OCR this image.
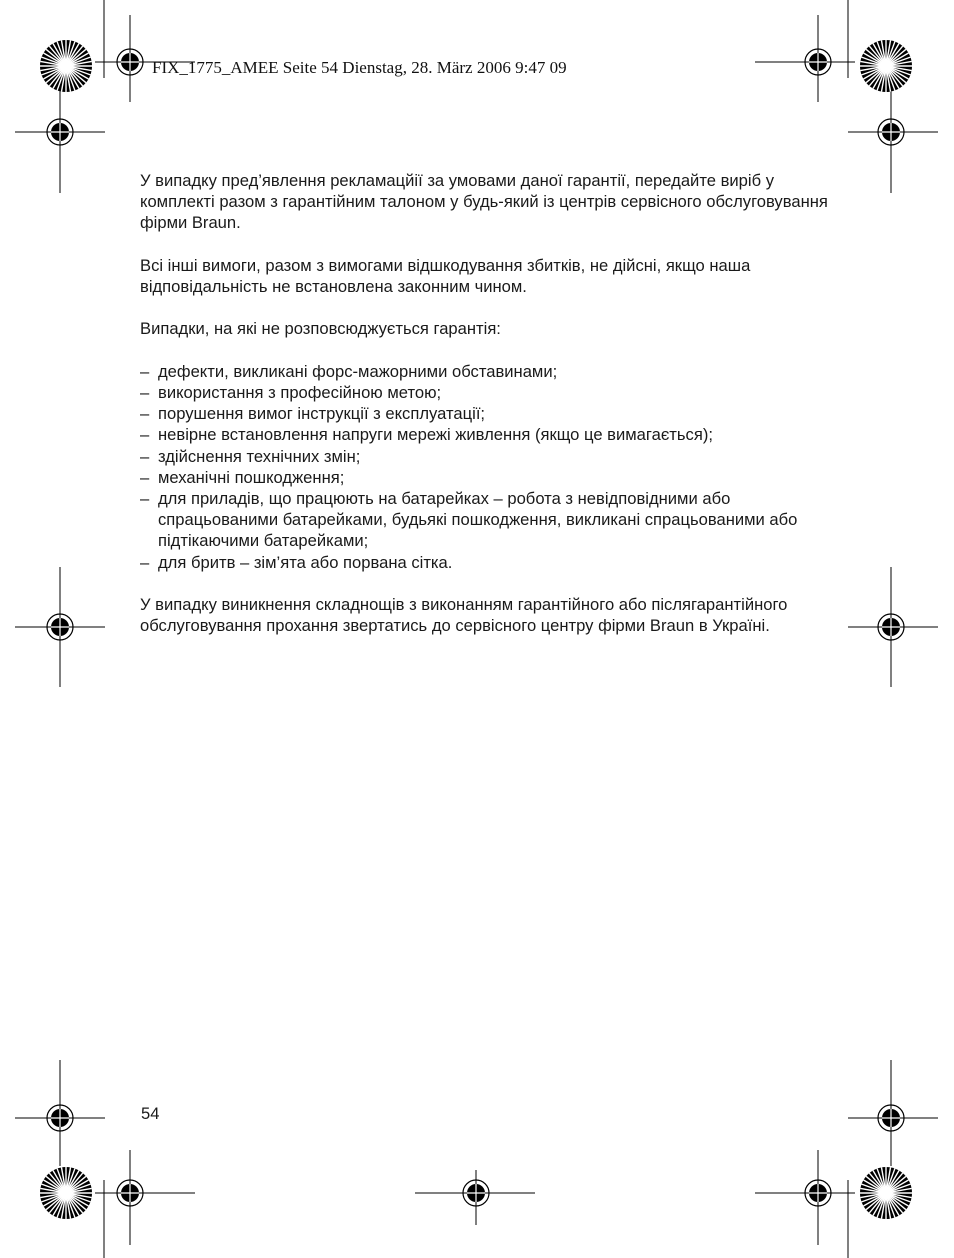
FIX_1775_AMEE Seite 54 Dienstag, 28. März 2006 9:47 09

У випадку пред’явлення рекламацйії за умовами даної гарантії, передайте виріб у комплекті разом з гарантійним талоном у будь-який із центрів сервісного обслуговування фірми Braun.

Всі інші вимоги, разом з вимогами відшкодування збитків, не дійсні, якщо наша відповідальність не встановлена законним чином.

Випадки, на які не розповсюджується гарантія:

– дефекти, викликані форс-мажорними обставинами;
– використання з професійною метою;
– порушення вимог інструкції з експлуатації;
– невірне встановлення напруги мережі живлення (якщо це вимагається);
– здійснення технічних змін;
– механічні пошкодження;
– для приладів, що працюють на батарейках – робота з невідповідними або спрацьованими батарейками, будьякі пошкодження, викликані спрацьованими або підтікаючими батарейками;
– для бритв – зім’ята або порвана сітка.

У випадку виникнення складнощів з виконанням гарантійного або післягарантійного обслуговування прохання звертатись до сервісного центру фірми Braun в Україні.

54
